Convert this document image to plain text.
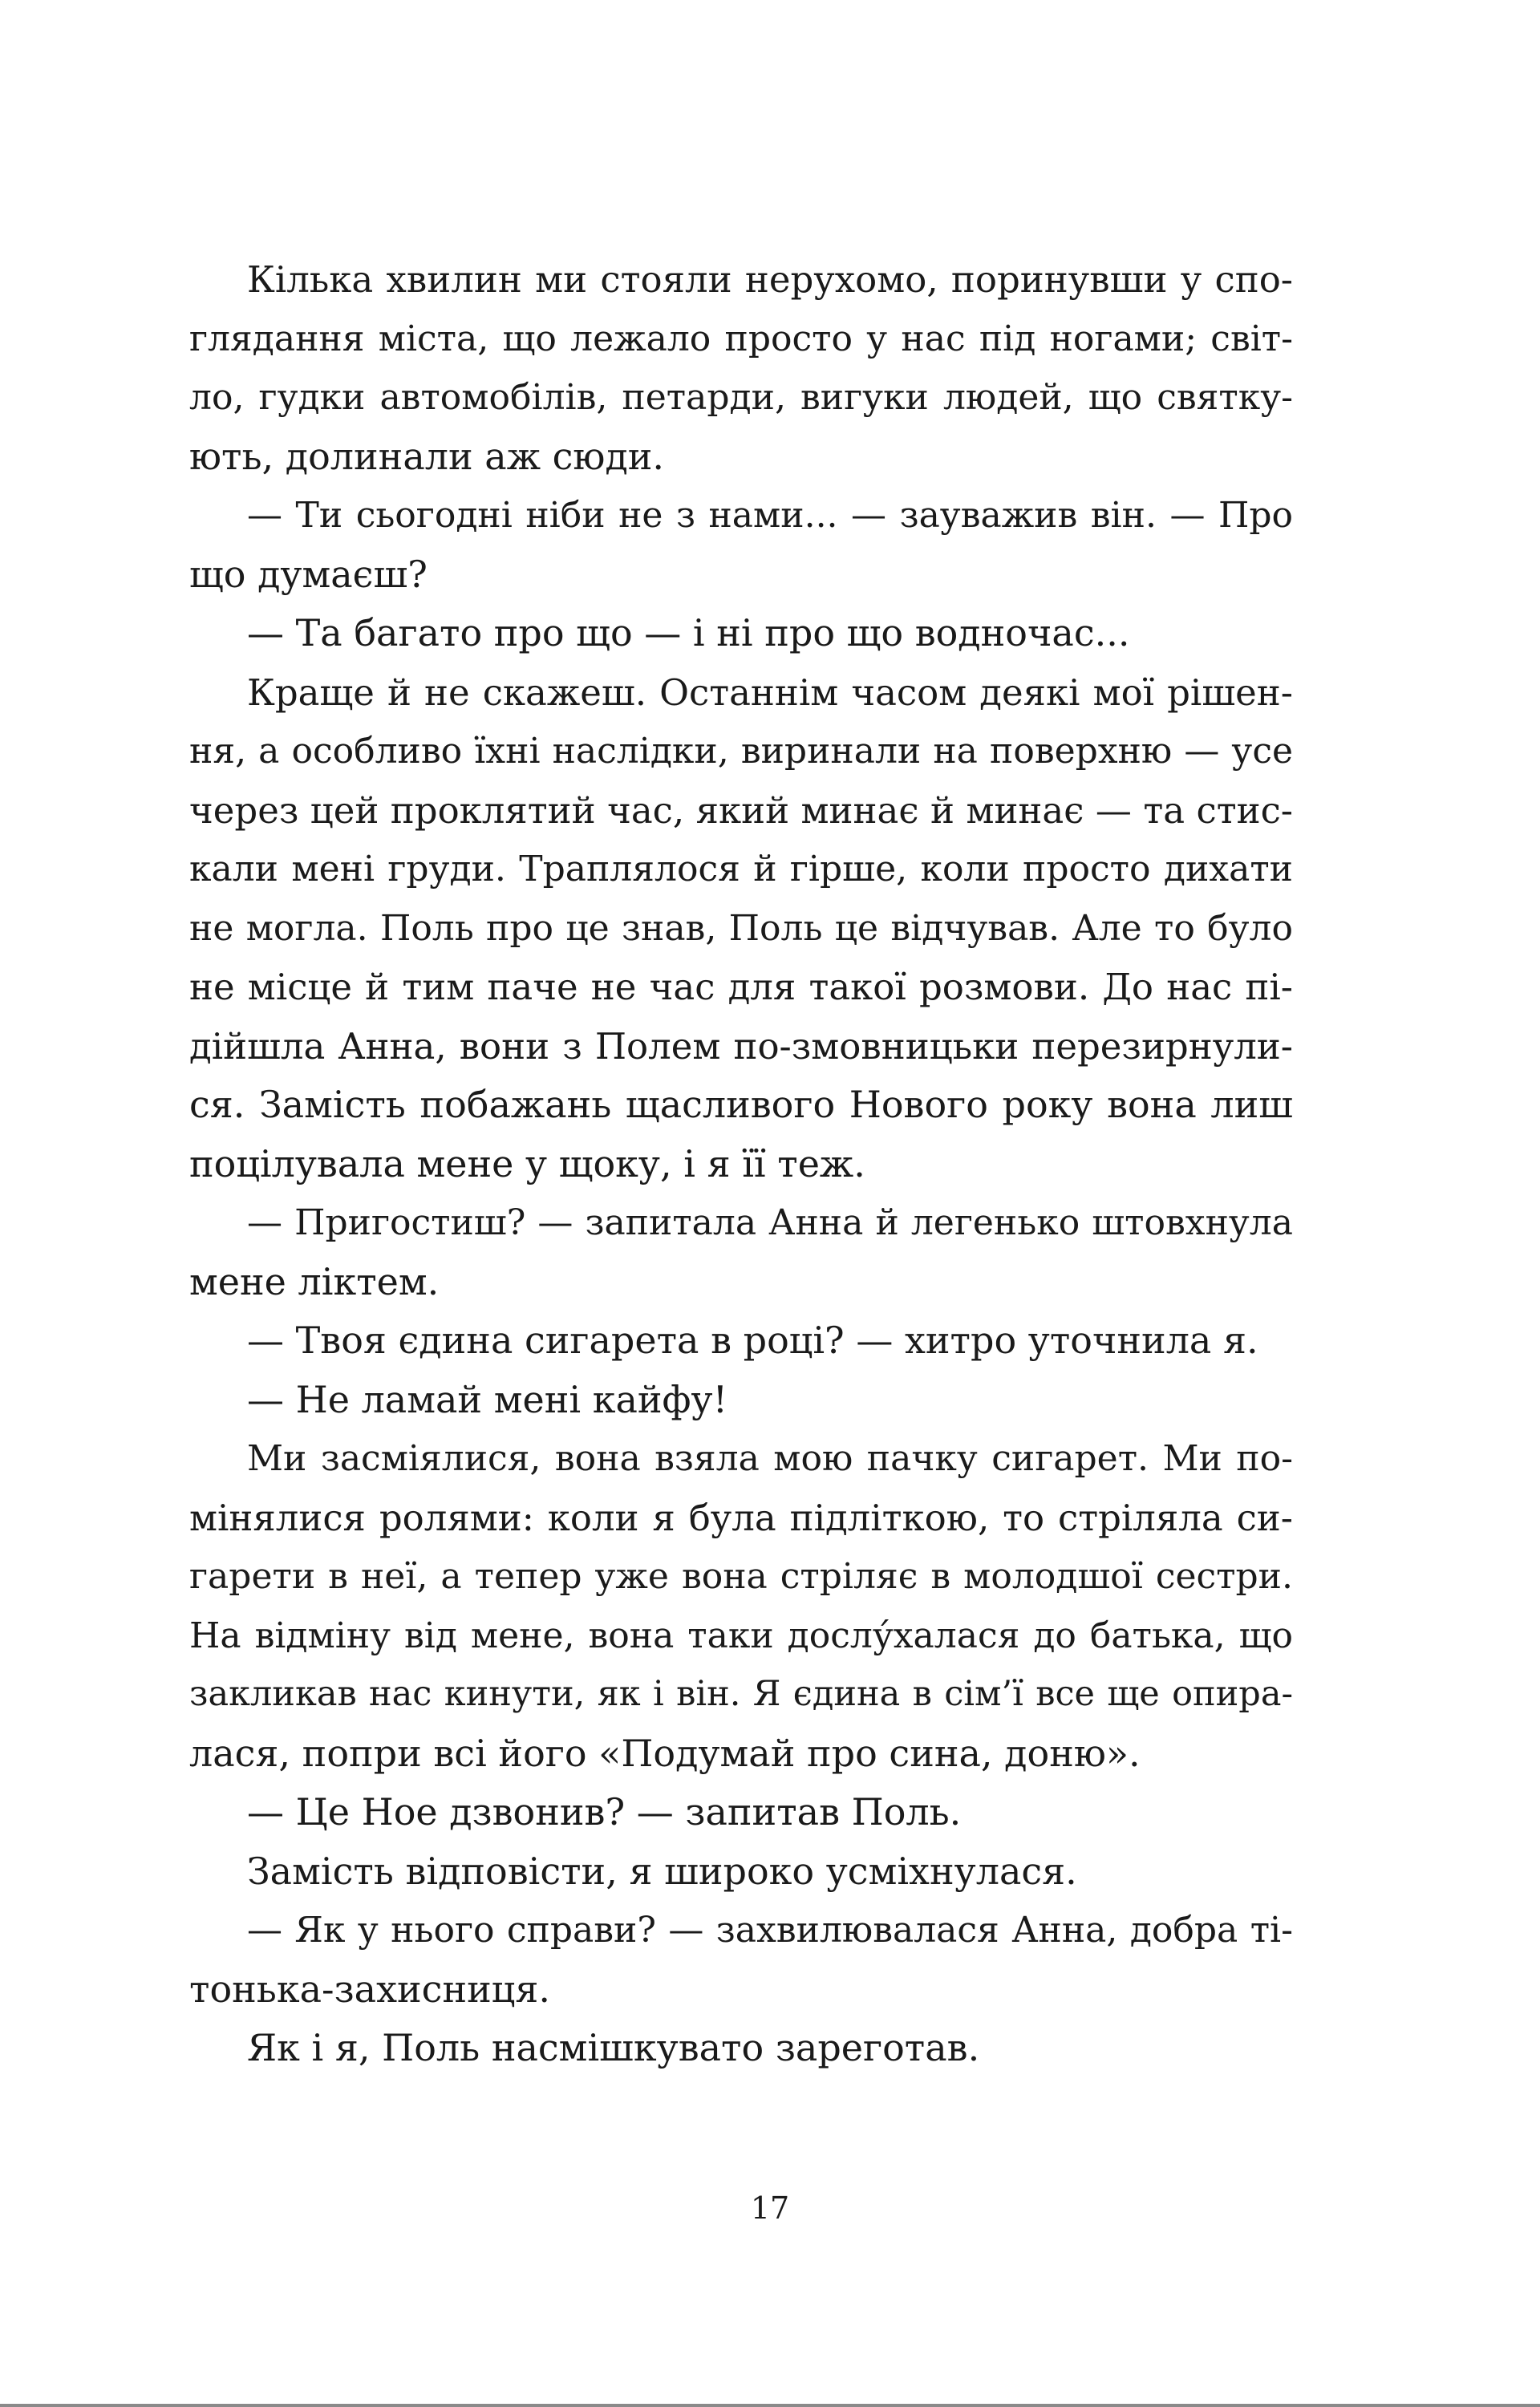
Кілька хвилин ми стояли нерухомо, поринувши у спо-
глядання міста, що лежало просто у нас під ногами; світ-
ло, гудки автомобілів, петарди, вигуки людей, що святку-
ють, долинали аж сюди.
— Ти сьогодні ніби не з нами... — зауважив він. — Про
що думаєш?
— Та багато про що — і ні про що водночас...
Краще й не скажеш. Останнім часом деякі мої рішен-
ня, а особливо їхні наслідки, виринали на поверхню — усе
через цей проклятий час, який минає й минає — та стис-
кали мені груди. Траплялося й гірше, коли просто дихати
не могла. Поль про це знав, Поль це відчував. Але то було
не місце й тим паче не час для такої розмови. До нас пі-
дійшла Анна, вони з Полем по-змовницьки перезирнули-
ся. Замість побажань щасливого Нового року вона лиш
поцілувала мене у щоку, і я її теж.
— Пригостиш? — запитала Анна й легенько штовхнула
мене ліктем.
— Твоя єдина сигарета в році? — хитро уточнила я.
— Не ламай мені кайфу!
Ми засміялися, вона взяла мою пачку сигарет. Ми по-
мінялися ролями: коли я була підліткою, то стріляла си-
гарети в неї, а тепер уже вона стріляє в молодшої сестри.
На відміну від мене, вона таки дослу́халася до батька, що
закликав нас кинути, як і він. Я єдина в сім’ї все ще опира-
лася, попри всі його «Подумай про сина, доню».
— Це Ное дзвонив? — запитав Поль.
Замість відповісти, я широко усміхнулася.
— Як у нього справи? — захвилювалася Анна, добра ті-
тонька-захисниця.
Як і я, Поль насмішкувато зареготав.
17
